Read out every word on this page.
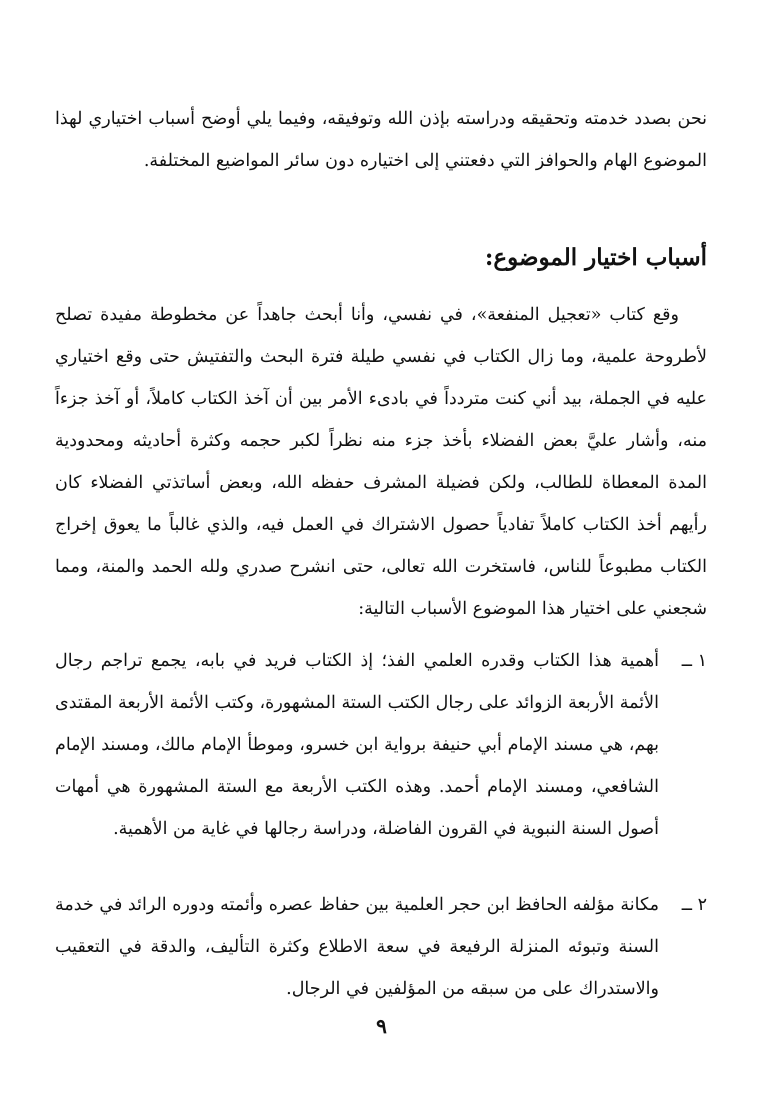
نحن بصدد خدمته وتحقيقه ودراسته بإذن الله وتوفيقه، وفيما يلي أوضح أسباب اختياري لهذا الموضوع الهام والحوافز التي دفعتني إلى اختياره دون سائر المواضيع المختلفة.

أسباب اختيار الموضوع:

وقع كتاب «تعجيل المنفعة»، في نفسي، وأنا أبحث جاهداً عن مخطوطة مفيدة تصلح لأطروحة علمية، وما زال الكتاب في نفسي طيلة فترة البحث والتفتيش حتى وقع اختياري عليه في الجملة، بيد أني كنت متردداً في بادىء الأمر بين أن آخذ الكتاب كاملاً، أو آخذ جزءاً منه، وأشار عليَّ بعض الفضلاء بأخذ جزء منه نظراً لكبر حجمه وكثرة أحاديثه ومحدودية المدة المعطاة للطالب، ولكن فضيلة المشرف حفظه الله، وبعض أساتذتي الفضلاء كان رأيهم أخذ الكتاب كاملاً تفادياً حصول الاشتراك في العمل فيه، والذي غالباً ما يعوق إخراج الكتاب مطبوعاً للناس، فاستخرت الله تعالى، حتى انشرح صدري ولله الحمد والمنة، ومما شجعني على اختيار هذا الموضوع الأسباب التالية:

١ ــ
أهمية هذا الكتاب وقدره العلمي الفذ؛ إذ الكتاب فريد في بابه، يجمع تراجم رجال الأئمة الأربعة الزوائد على رجال الكتب الستة المشهورة، وكتب الأئمة الأربعة المقتدى بهم، هي مسند الإمام أبي حنيفة برواية ابن خسرو، وموطأ الإمام مالك، ومسند الإمام الشافعي، ومسند الإمام أحمد. وهذه الكتب الأربعة مع الستة المشهورة هي أمهات أصول السنة النبوية في القرون الفاضلة، ودراسة رجالها في غاية من الأهمية.
٢ ــ
مكانة مؤلفه الحافظ ابن حجر العلمية بين حفاظ عصره وأئمته ودوره الرائد في خدمة السنة وتبوئه المنزلة الرفيعة في سعة الاطلاع وكثرة التأليف، والدقة في التعقيب والاستدراك على من سبقه من المؤلفين في الرجال.
٩
